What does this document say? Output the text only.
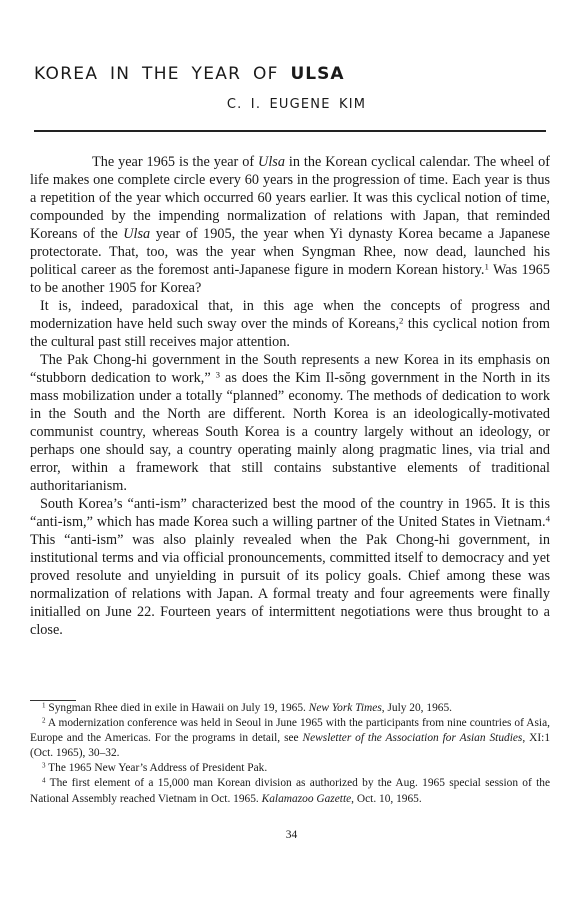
KOREA IN THE YEAR OF ULSA
C. I. EUGENE KIM

The year 1965 is the year of Ulsa in the Korean cyclical calendar. The wheel of life makes one complete circle every 60 years in the progression of time. Each year is thus a repetition of the year which occurred 60 years earlier. It was this cyclical notion of time, compounded by the impending normalization of relations with Japan, that reminded Koreans of the Ulsa year of 1905, the year when Yi dynasty Korea became a Japanese protectorate. That, too, was the year when Syngman Rhee, now dead, launched his political career as the foremost anti-Japanese figure in modern Korean history.$^1$ Was 1965 to be another 1905 for Korea?

It is, indeed, paradoxical that, in this age when the concepts of progress and modernization have held such sway over the minds of Koreans,$^2$ this cyclical notion from the cultural past still receives major attention.

The Pak Chong-hi government in the South represents a new Korea in its emphasis on “stubborn dedication to work,” $^3$ as does the Kim Il-sŏng government in the North in its mass mobilization under a totally “planned” economy. The methods of dedication to work in the South and the North are different. North Korea is an ideologically-motivated communist country, whereas South Korea is a country largely without an ideology, or perhaps one should say, a country operating mainly along pragmatic lines, via trial and error, within a framework that still contains substantive elements of traditional authoritarianism.

South Korea’s “anti-ism” characterized best the mood of the country in 1965. It is this “anti-ism,” which has made Korea such a willing partner of the United States in Vietnam.$^4$ This “anti-ism” was also plainly revealed when the Pak Chong-hi government, in institutional terms and via official pronouncements, committed itself to democracy and yet proved resolute and unyielding in pursuit of its policy goals. Chief among these was normalization of relations with Japan. A formal treaty and four agreements were finally initialled on June 22. Fourteen years of intermittent negotiations were thus brought to a close.

$^1$ Syngman Rhee died in exile in Hawaii on July 19, 1965. New York Times, July 20, 1965.

$^2$ A modernization conference was held in Seoul in June 1965 with the participants from nine countries of Asia, Europe and the Americas. For the programs in detail, see Newsletter of the Association for Asian Studies, XI:1 (Oct. 1965), 30–32.

$^3$ The 1965 New Year’s Address of President Pak.

$^4$ The first element of a 15,000 man Korean division as authorized by the Aug. 1965 special session of the National Assembly reached Vietnam in Oct. 1965. Kalamazoo Gazette, Oct. 10, 1965.

34
